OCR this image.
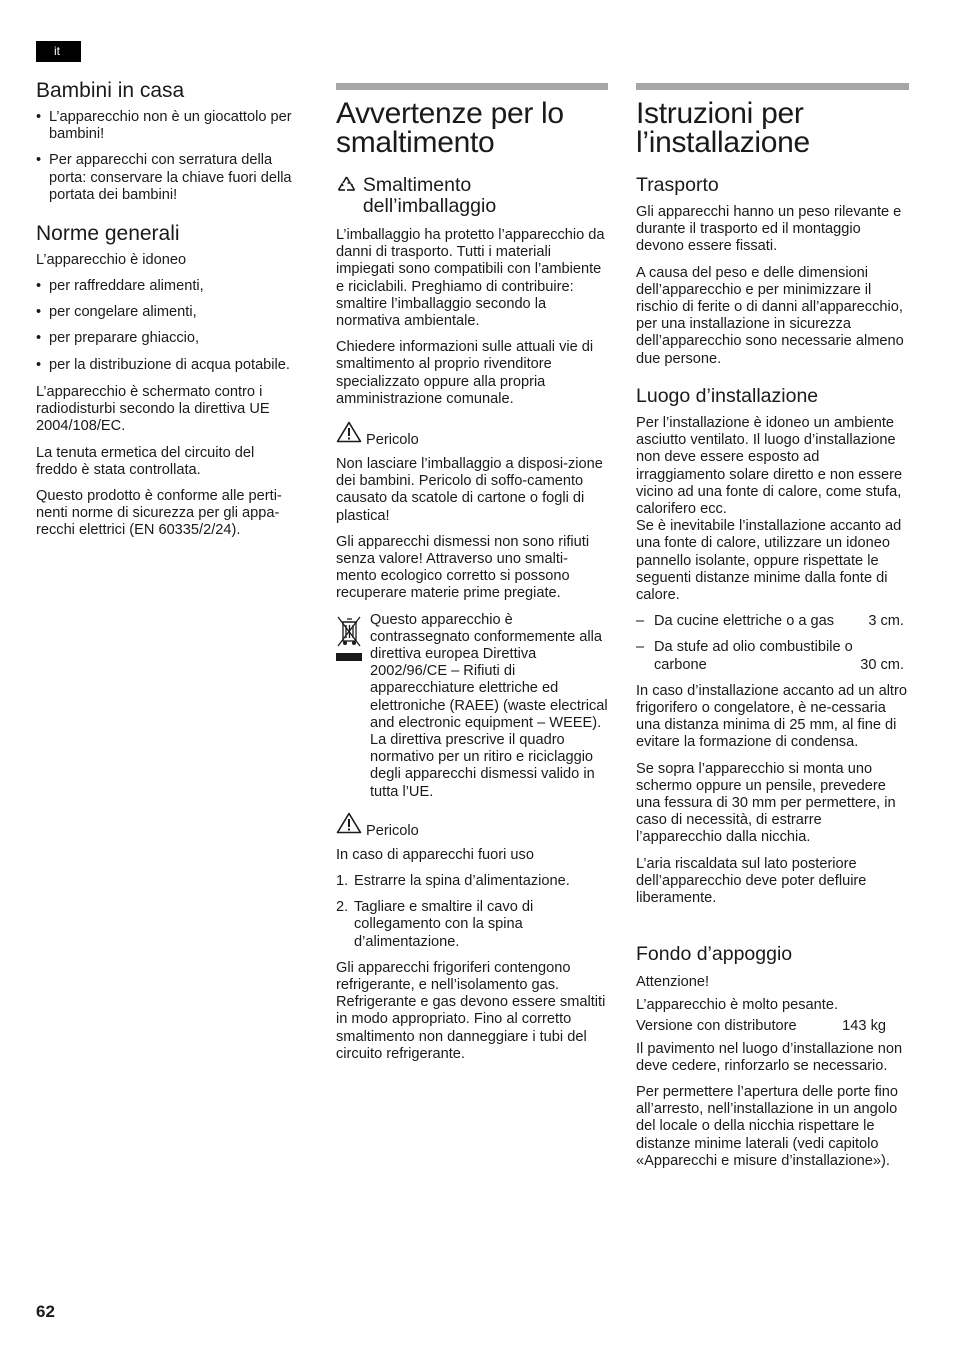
it
Bambini in casa
• L’apparecchio non è un giocattolo per bambini!
• Per apparecchi con serratura della porta: conservare la chiave fuori della portata dei bambini!
Norme generali

L’apparecchio è idoneo

• per raffreddare alimenti,
• per congelare alimenti,
• per preparare ghiaccio,
• per la distribuzione di acqua potabile.

L’apparecchio è schermato contro i radiodisturbi secondo la direttiva UE 2004/108/EC.

La tenuta ermetica del circuito del freddo è stata controllata.

Questo prodotto è conforme alle perti-nenti norme di sicurezza per gli appa-recchi elettrici (EN 60335/2/24).

Avvertenze per lo smaltimento
Smaltimento dell’imballaggio

L’imballaggio ha protetto l’apparecchio da danni di trasporto. Tutti i materiali impiegati sono compatibili con l’ambiente e riciclabili. Preghiamo di contribuire: smaltire l’imballaggio secondo la normativa ambientale.

Chiedere informazioni sulle attuali vie di smaltimento al proprio rivenditore specializzato oppure alla propria amministrazione comunale.

Pericolo

Non lasciare l’imballaggio a disposi-zione dei bambini. Pericolo di soffo-camento causato da scatole di cartone o fogli di plastica!

Gli apparecchi dismessi non sono rifiuti senza valore! Attraverso uno smalti-mento ecologico corretto si possono recuperare materie prime pregiate.

Questo apparecchio è contrassegnato conformemente alla direttiva europea Direttiva 2002/96/CE – Rifiuti di apparecchiature elettriche ed elettroniche (RAEE) (waste electrical and electronic equipment – WEEE).

La direttiva prescrive il quadro normativo per un ritiro e riciclaggio degli apparecchi dismessi valido in tutta l’UE.

Pericolo

In caso di apparecchi fuori uso

1. Estrarre la spina d’alimentazione.
2. Tagliare e smaltire il cavo di collegamento con la spina d’alimentazione.

Gli apparecchi frigoriferi contengono refrigerante, e nell’isolamento gas. Refrigerante e gas devono essere smaltiti in modo appropriato. Fino al corretto smaltimento non danneggiare i tubi del circuito refrigerante.

Istruzioni per l’installazione
Trasporto

Gli apparecchi hanno un peso rilevante e durante il trasporto ed il montaggio devono essere fissati.

A causa del peso e delle dimensioni dell’apparecchio e per minimizzare il rischio di ferite o di danni all’apparecchio, per una installazione in sicurezza dell’apparecchio sono necessarie almeno due persone.

Luogo d’installazione

Per l’installazione è idoneo un ambiente asciutto ventilato. Il luogo d’installazione non deve essere esposto ad irraggiamento solare diretto e non essere vicino ad una fonte di calore, come stufa, calorifero ecc.

Se è inevitabile l’installazione accanto ad una fonte di calore, utilizzare un idoneo pannello isolante, oppure rispettate le seguenti distanze minime dalla fonte di calore.

– Da cucine elettriche o a gas 3 cm.
– Da stufe ad olio combustibile o carbone	30 cm.

In caso d’installazione accanto ad un altro frigorifero o congelatore, è ne-cessaria una distanza minima di 25 mm, al fine di evitare la formazione di condensa.

Se sopra l’apparecchio si monta uno schermo oppure un pensile, prevedere una fessura di 30 mm per permettere, in caso di necessità, di estrarre l’apparecchio dalla nicchia.

L’aria riscaldata sul lato posteriore dell’apparecchio deve poter defluire liberamente.

Fondo d’appoggio

Attenzione!

L’apparecchio è molto pesante.

Versione con distributore	143 kg

Il pavimento nel luogo d’installazione non deve cedere, rinforzarlo se necessario.

Per permettere l’apertura delle porte fino all’arresto, nell’installazione in un angolo del locale o della nicchia rispettare le distanze minime laterali (vedi capitolo «Apparecchi e misure d’installazione»).

62
